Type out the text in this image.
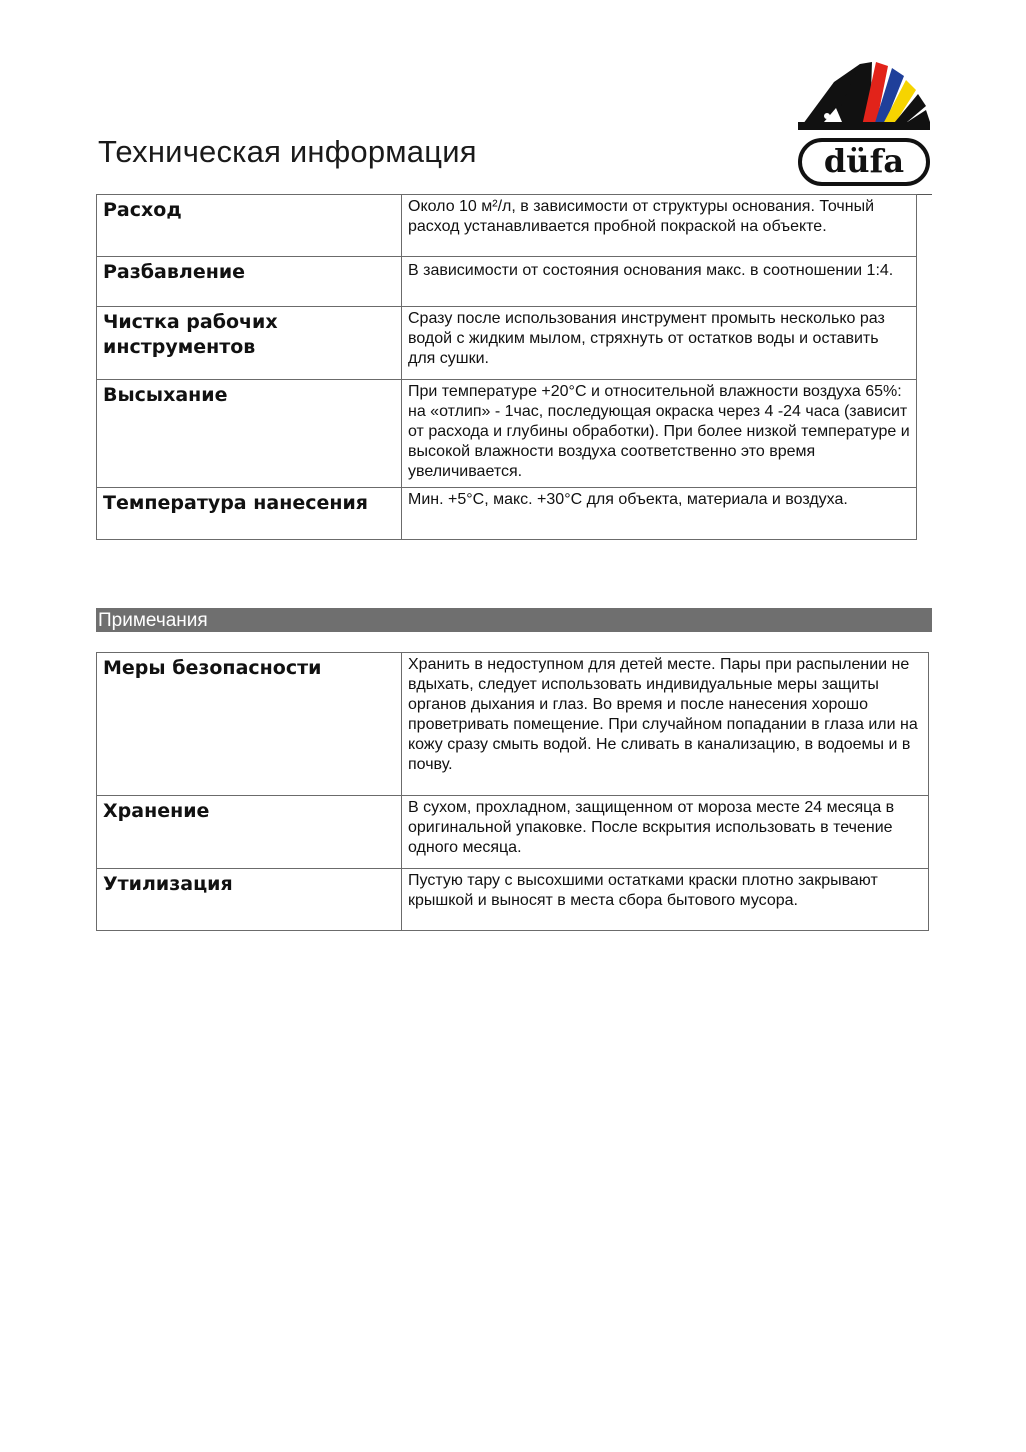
Техническая информация	düfa
Расход	Около 10 м²/л, в зависимости от структуры основания. Точный расход устанавливается пробной покраской на объекте.
Разбавление	В зависимости от состояния основания макс. в соотношении 1:4.
Чистка рабочих инструментов	Сразу после использования инструмент промыть несколько раз водой с жидким мылом, стряхнуть от остатков воды и оставить для сушки.
Высыхание	При температуре +20°С и относительной влажности воздуха 65%: на «отлип» - 1час, последующая окраска через 4 -24 часа (зависит от расхода и глубины обработки). При более низкой температуре и высокой влажности воздуха соответственно это время увеличивается.
Температура нанесения	Мин. +5°С, макс. +30°С для объекта, материала и воздуха.
Примечания
Меры безопасности	Хранить в недоступном для детей месте. Пары при распылении не вдыхать, следует использовать индивидуальные меры защиты органов дыхания и глаз. Во время и после нанесения хорошо проветривать помещение. При случайном попадании в глаза или на кожу сразу смыть водой. Не сливать в канализацию, в водоемы и в почву.
Хранение	В сухом, прохладном, защищенном от мороза месте 24 месяца в оригинальной упаковке. После вскрытия использовать в течение одного месяца.
Утилизация	Пустую тару с высохшими остатками краски плотно закрывают крышкой и выносят в места сбора бытового мусора.
